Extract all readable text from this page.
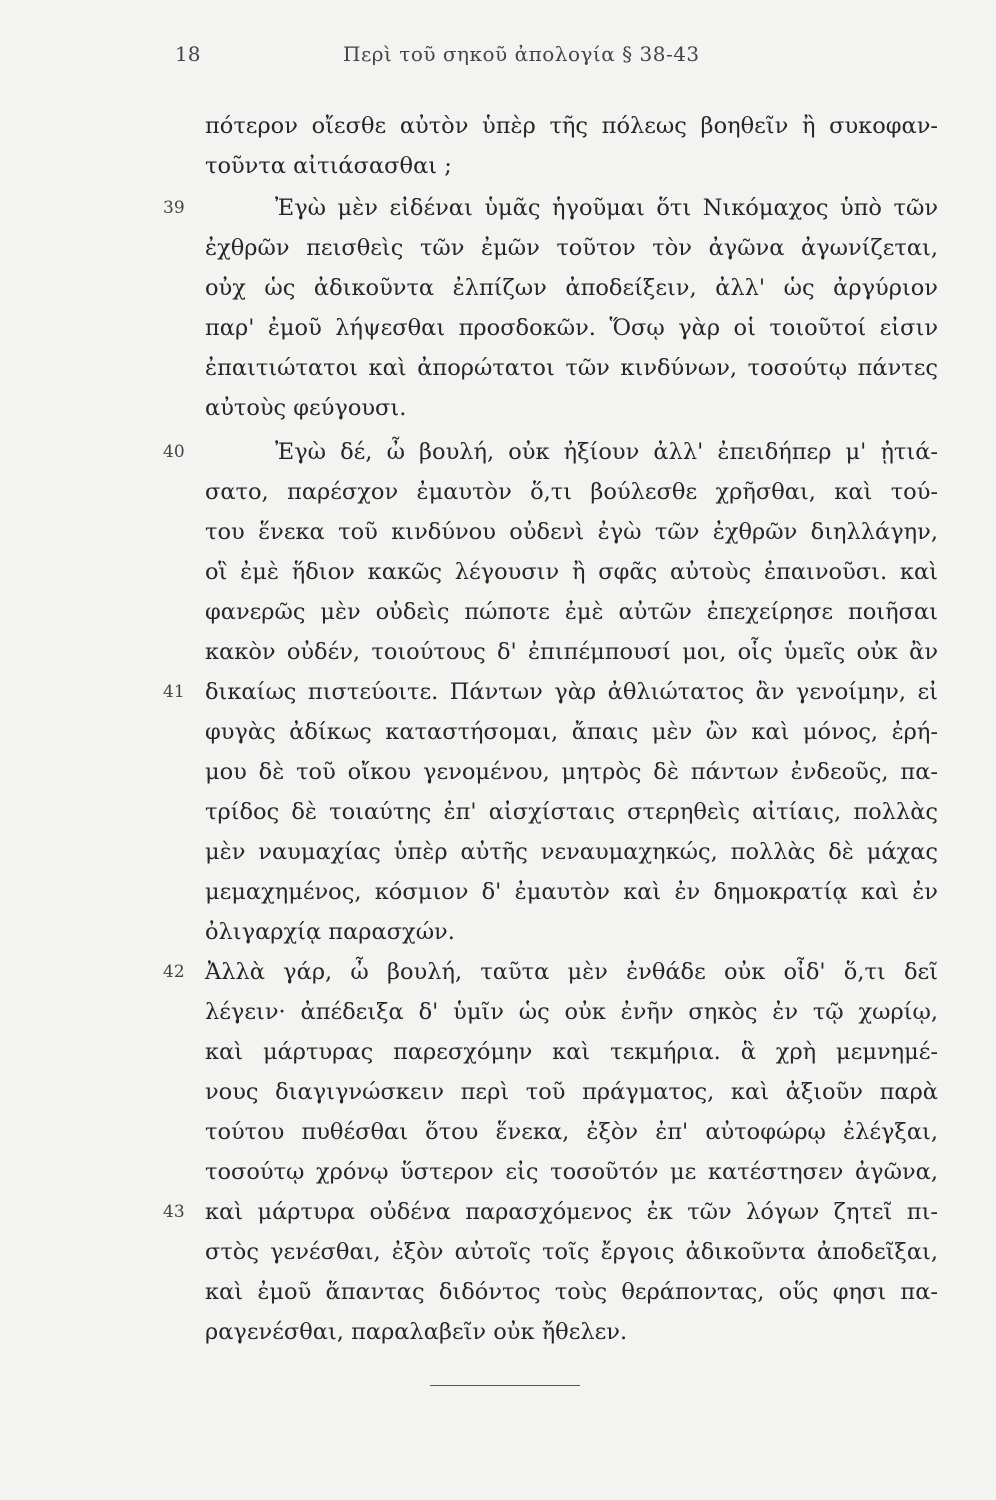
18	Περὶ τοῦ σηκοῦ ἀπολογία § 38-43
39
40
41
42
43
πότερον οἴεσθε αὐτὸν ὑπὲρ τῆς πόλεως βοηθεῖν ἢ συκοφαν-
τοῦντα αἰτιάσασθαι ;
Ἐγὼ μὲν εἰδέναι ὑμᾶς ἡγοῦμαι ὅτι Νικόμαχος ὑπὸ τῶν
ἐχθρῶν πεισθεὶς τῶν ἐμῶν τοῦτον τὸν ἀγῶνα ἀγωνίζεται,
οὐχ ὡς ἀδικοῦντα ἐλπίζων ἀποδείξειν, ἀλλ' ὡς ἀργύριον
παρ' ἐμοῦ λήψεσθαι προσδοκῶν. Ὅσῳ γὰρ οἱ τοιοῦτοί εἰσιν
ἐπαιτιώτατοι καὶ ἀπορώτατοι τῶν κινδύνων, τοσούτῳ πάντες
αὐτοὺς φεύγουσι.
Ἐγὼ δέ, ὦ βουλή, οὐκ ἠξίουν ἀλλ' ἐπειδήπερ μ' ᾐτιά-
σατο, παρέσχον ἐμαυτὸν ὅ,τι βούλεσθε χρῆσθαι, καὶ τού-
του ἕνεκα τοῦ κινδύνου οὐδενὶ ἐγὼ τῶν ἐχθρῶν διηλλάγην,
οἳ ἐμὲ ἥδιον κακῶς λέγουσιν ἢ σφᾶς αὐτοὺς ἐπαινοῦσι. καὶ
φανερῶς μὲν οὐδεὶς πώποτε ἐμὲ αὐτῶν ἐπεχείρησε ποιῆσαι
κακὸν οὐδέν, τοιούτους δ' ἐπιπέμπουσί μοι, οἷς ὑμεῖς οὐκ ἂν
δικαίως πιστεύοιτε. Πάντων γὰρ ἀθλιώτατος ἂν γενοίμην, εἰ
φυγὰς ἀδίκως καταστήσομαι, ἄπαις μὲν ὢν καὶ μόνος, ἐρή-
μου δὲ τοῦ οἴκου γενομένου, μητρὸς δὲ πάντων ἐνδεοῦς, πα-
τρίδος δὲ τοιαύτης ἐπ' αἰσχίσταις στερηθεὶς αἰτίαις, πολλὰς
μὲν ναυμαχίας ὑπὲρ αὐτῆς νεναυμαχηκώς, πολλὰς δὲ μάχας
μεμαχημένος, κόσμιον δ' ἐμαυτὸν καὶ ἐν δημοκρατίᾳ καὶ ἐν
ὀλιγαρχίᾳ παρασχών.
Ἀλλὰ γάρ, ὦ βουλή, ταῦτα μὲν ἐνθάδε οὐκ οἶδ' ὅ,τι δεῖ
λέγειν· ἀπέδειξα δ' ὑμῖν ὡς οὐκ ἐνῆν σηκὸς ἐν τῷ χωρίῳ,
καὶ μάρτυρας παρεσχόμην καὶ τεκμήρια. ἃ χρὴ μεμνημέ-
νους διαγιγνώσκειν περὶ τοῦ πράγματος, καὶ ἀξιοῦν παρὰ
τούτου πυθέσθαι ὅτου ἕνεκα, ἐξὸν ἐπ' αὐτοφώρῳ ἐλέγξαι,
τοσούτῳ χρόνῳ ὕστερον εἰς τοσοῦτόν με κατέστησεν ἀγῶνα,
καὶ μάρτυρα οὐδένα παρασχόμενος ἐκ τῶν λόγων ζητεῖ πι-
στὸς γενέσθαι, ἐξὸν αὐτοῖς τοῖς ἔργοις ἀδικοῦντα ἀποδεῖξαι,
καὶ ἐμοῦ ἅπαντας διδόντος τοὺς θεράποντας, οὕς φησι πα-
ραγενέσθαι, παραλαβεῖν οὐκ ἤθελεν.
